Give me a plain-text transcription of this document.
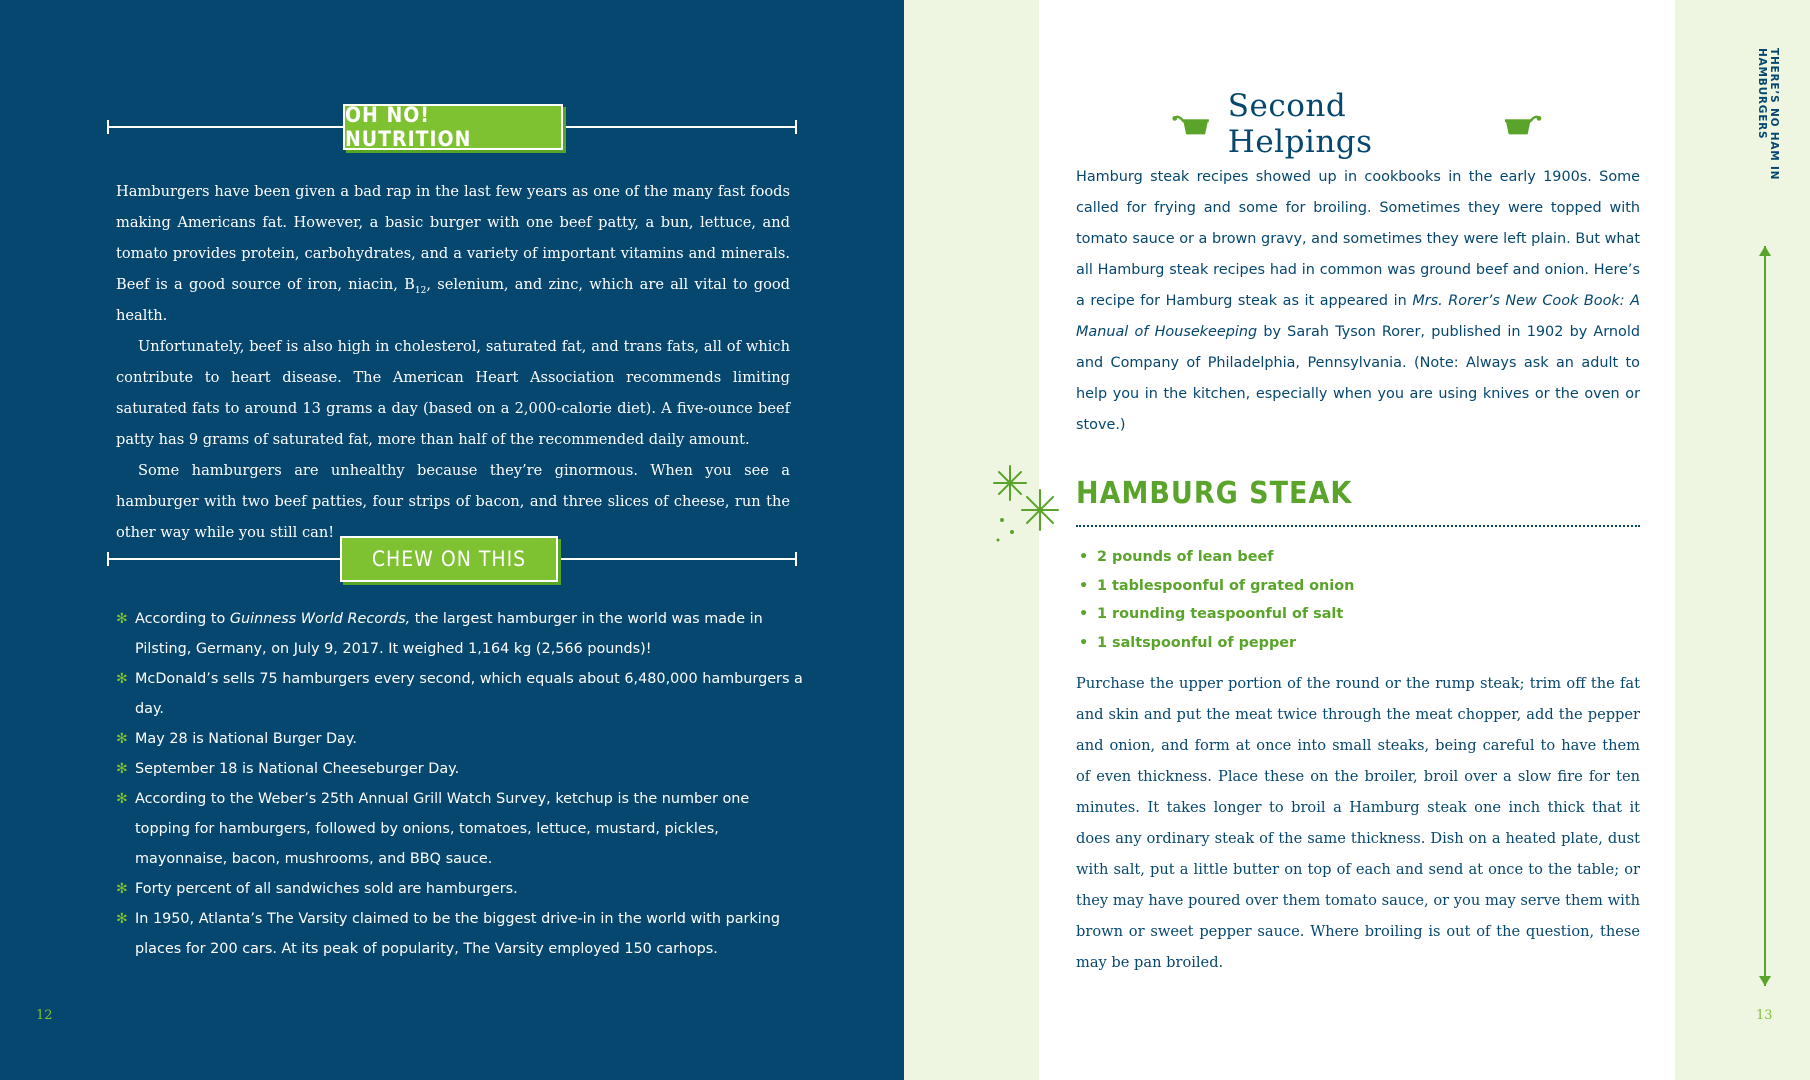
OH NO! NUTRITION

Hamburgers have been given a bad rap in the last few years as one of the many fast foods making Americans fat. However, a basic burger with one beef patty, a bun, lettuce, and tomato provides protein, carbohydrates, and a variety of important vitamins and minerals. Beef is a good source of iron, niacin, $B_{12}$, selenium, and zinc, which are all vital to good health.

Unfortunately, beef is also high in cholesterol, saturated fat, and trans fats, all of which contribute to heart disease. The American Heart Association recommends limiting saturated fats to around 13 grams a day (based on a 2,000-calorie diet). A five-ounce beef patty has 9 grams of saturated fat, more than half of the recommended daily amount.

Some hamburgers are unhealthy because they’re ginormous. When you see a hamburger with two beef patties, four strips of bacon, and three slices of cheese, run the other way while you still can!

CHEW ON THIS
✻ According to Guinness World Records, the largest hamburger in the world was made in Pilsting, Germany, on July 9, 2017. It weighed 1,164 kg (2,566 pounds)!
✻ McDonald’s sells 75 hamburgers every second, which equals about 6,480,000 hamburgers a day.
✻ May 28 is National Burger Day.
✻ September 18 is National Cheeseburger Day.
✻ According to the Weber’s 25th Annual Grill Watch Survey, ketchup is the number one topping for hamburgers, followed by onions, tomatoes, lettuce, mustard, pickles, mayonnaise, bacon, mushrooms, and BBQ sauce.
✻ Forty percent of all sandwiches sold are hamburgers.
✻ In 1950, Atlanta’s The Varsity claimed to be the biggest drive-in in the world with parking places for 200 cars. At its peak of popularity, The Varsity employed 150 carhops.
12
THERE’S NO HAM IN HAMBURGERS
Second Helpings
Hamburg steak recipes showed up in cookbooks in the early 1900s. Some called for frying and some for broiling. Sometimes they were topped with tomato sauce or a brown gravy, and sometimes they were left plain. But what all Hamburg steak recipes had in common was ground beef and onion. Here’s a recipe for Hamburg steak as it appeared in Mrs. Rorer’s New Cook Book: A Manual of Housekeeping by Sarah Tyson Rorer, published in 1902 by Arnold and Company of Philadelphia, Pennsylvania. (Note: Always ask an adult to help you in the kitchen, especially when you are using knives or the oven or stove.)
HAMBURG STEAK
• 2 pounds of lean beef
• 1 tablespoonful of grated onion
• 1 rounding teaspoonful of salt
• 1 saltspoonful of pepper
Purchase the upper portion of the round or the rump steak; trim off the fat and skin and put the meat twice through the meat chopper, add the pepper and onion, and form at once into small steaks, being careful to have them of even thickness. Place these on the broiler, broil over a slow fire for ten minutes. It takes longer to broil a Hamburg steak one inch thick that it does any ordinary steak of the same thickness. Dish on a heated plate, dust with salt, put a little butter on top of each and send at once to the table; or they may have poured over them tomato sauce, or you may serve them with brown or sweet pepper sauce. Where broiling is out of the question, these may be pan broiled.
13
